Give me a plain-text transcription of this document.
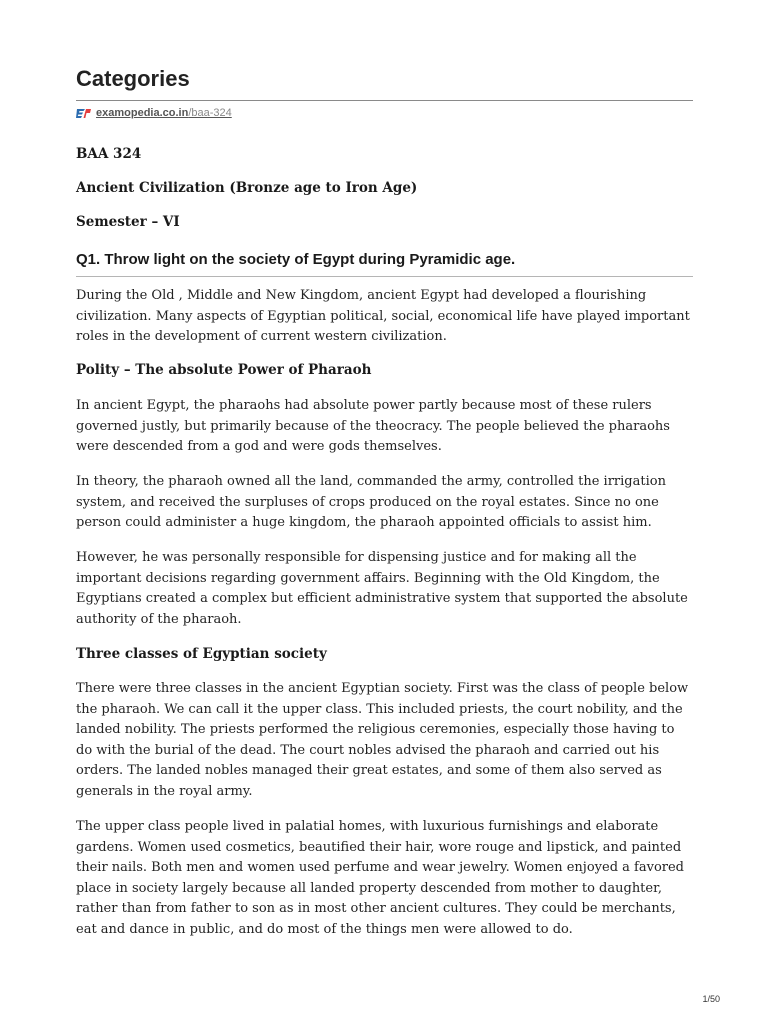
Categories
examopedia.co.in/baa-324

BAA 324

Ancient Civilization (Bronze age to Iron Age)

Semester – VI

Q1. Throw light on the society of Egypt during Pyramidic age.

During the Old , Middle and New Kingdom, ancient Egypt had developed a flourishing civilization. Many aspects of Egyptian political, social, economical life have played important roles in the development of current western civilization.

Polity – The absolute Power of Pharaoh

In ancient Egypt, the pharaohs had absolute power partly because most of these rulers governed justly, but primarily because of the theocracy. The people believed the pharaohs were descended from a god and were gods themselves.

In theory, the pharaoh owned all the land, commanded the army, controlled the irrigation system, and received the surpluses of crops produced on the royal estates. Since no one person could administer a huge kingdom, the pharaoh appointed officials to assist him.

However, he was personally responsible for dispensing justice and for making all the important decisions regarding government affairs. Beginning with the Old Kingdom, the Egyptians created a complex but efficient administrative system that supported the absolute authority of the pharaoh.

Three classes of Egyptian society

There were three classes in the ancient Egyptian society. First was the class of people below the pharaoh. We can call it the upper class. This included priests, the court nobility, and the landed nobility. The priests performed the religious ceremonies, especially those having to do with the burial of the dead. The court nobles advised the pharaoh and carried out his orders. The landed nobles managed their great estates, and some of them also served as generals in the royal army.

The upper class people lived in palatial homes, with luxurious furnishings and elaborate gardens. Women used cosmetics, beautified their hair, wore rouge and lipstick, and painted their nails. Both men and women used perfume and wear jewelry. Women enjoyed a favored place in society largely because all landed property descended from mother to daughter, rather than from father to son as in most other ancient cultures. They could be merchants, eat and dance in public, and do most of the things men were allowed to do.

1/50
